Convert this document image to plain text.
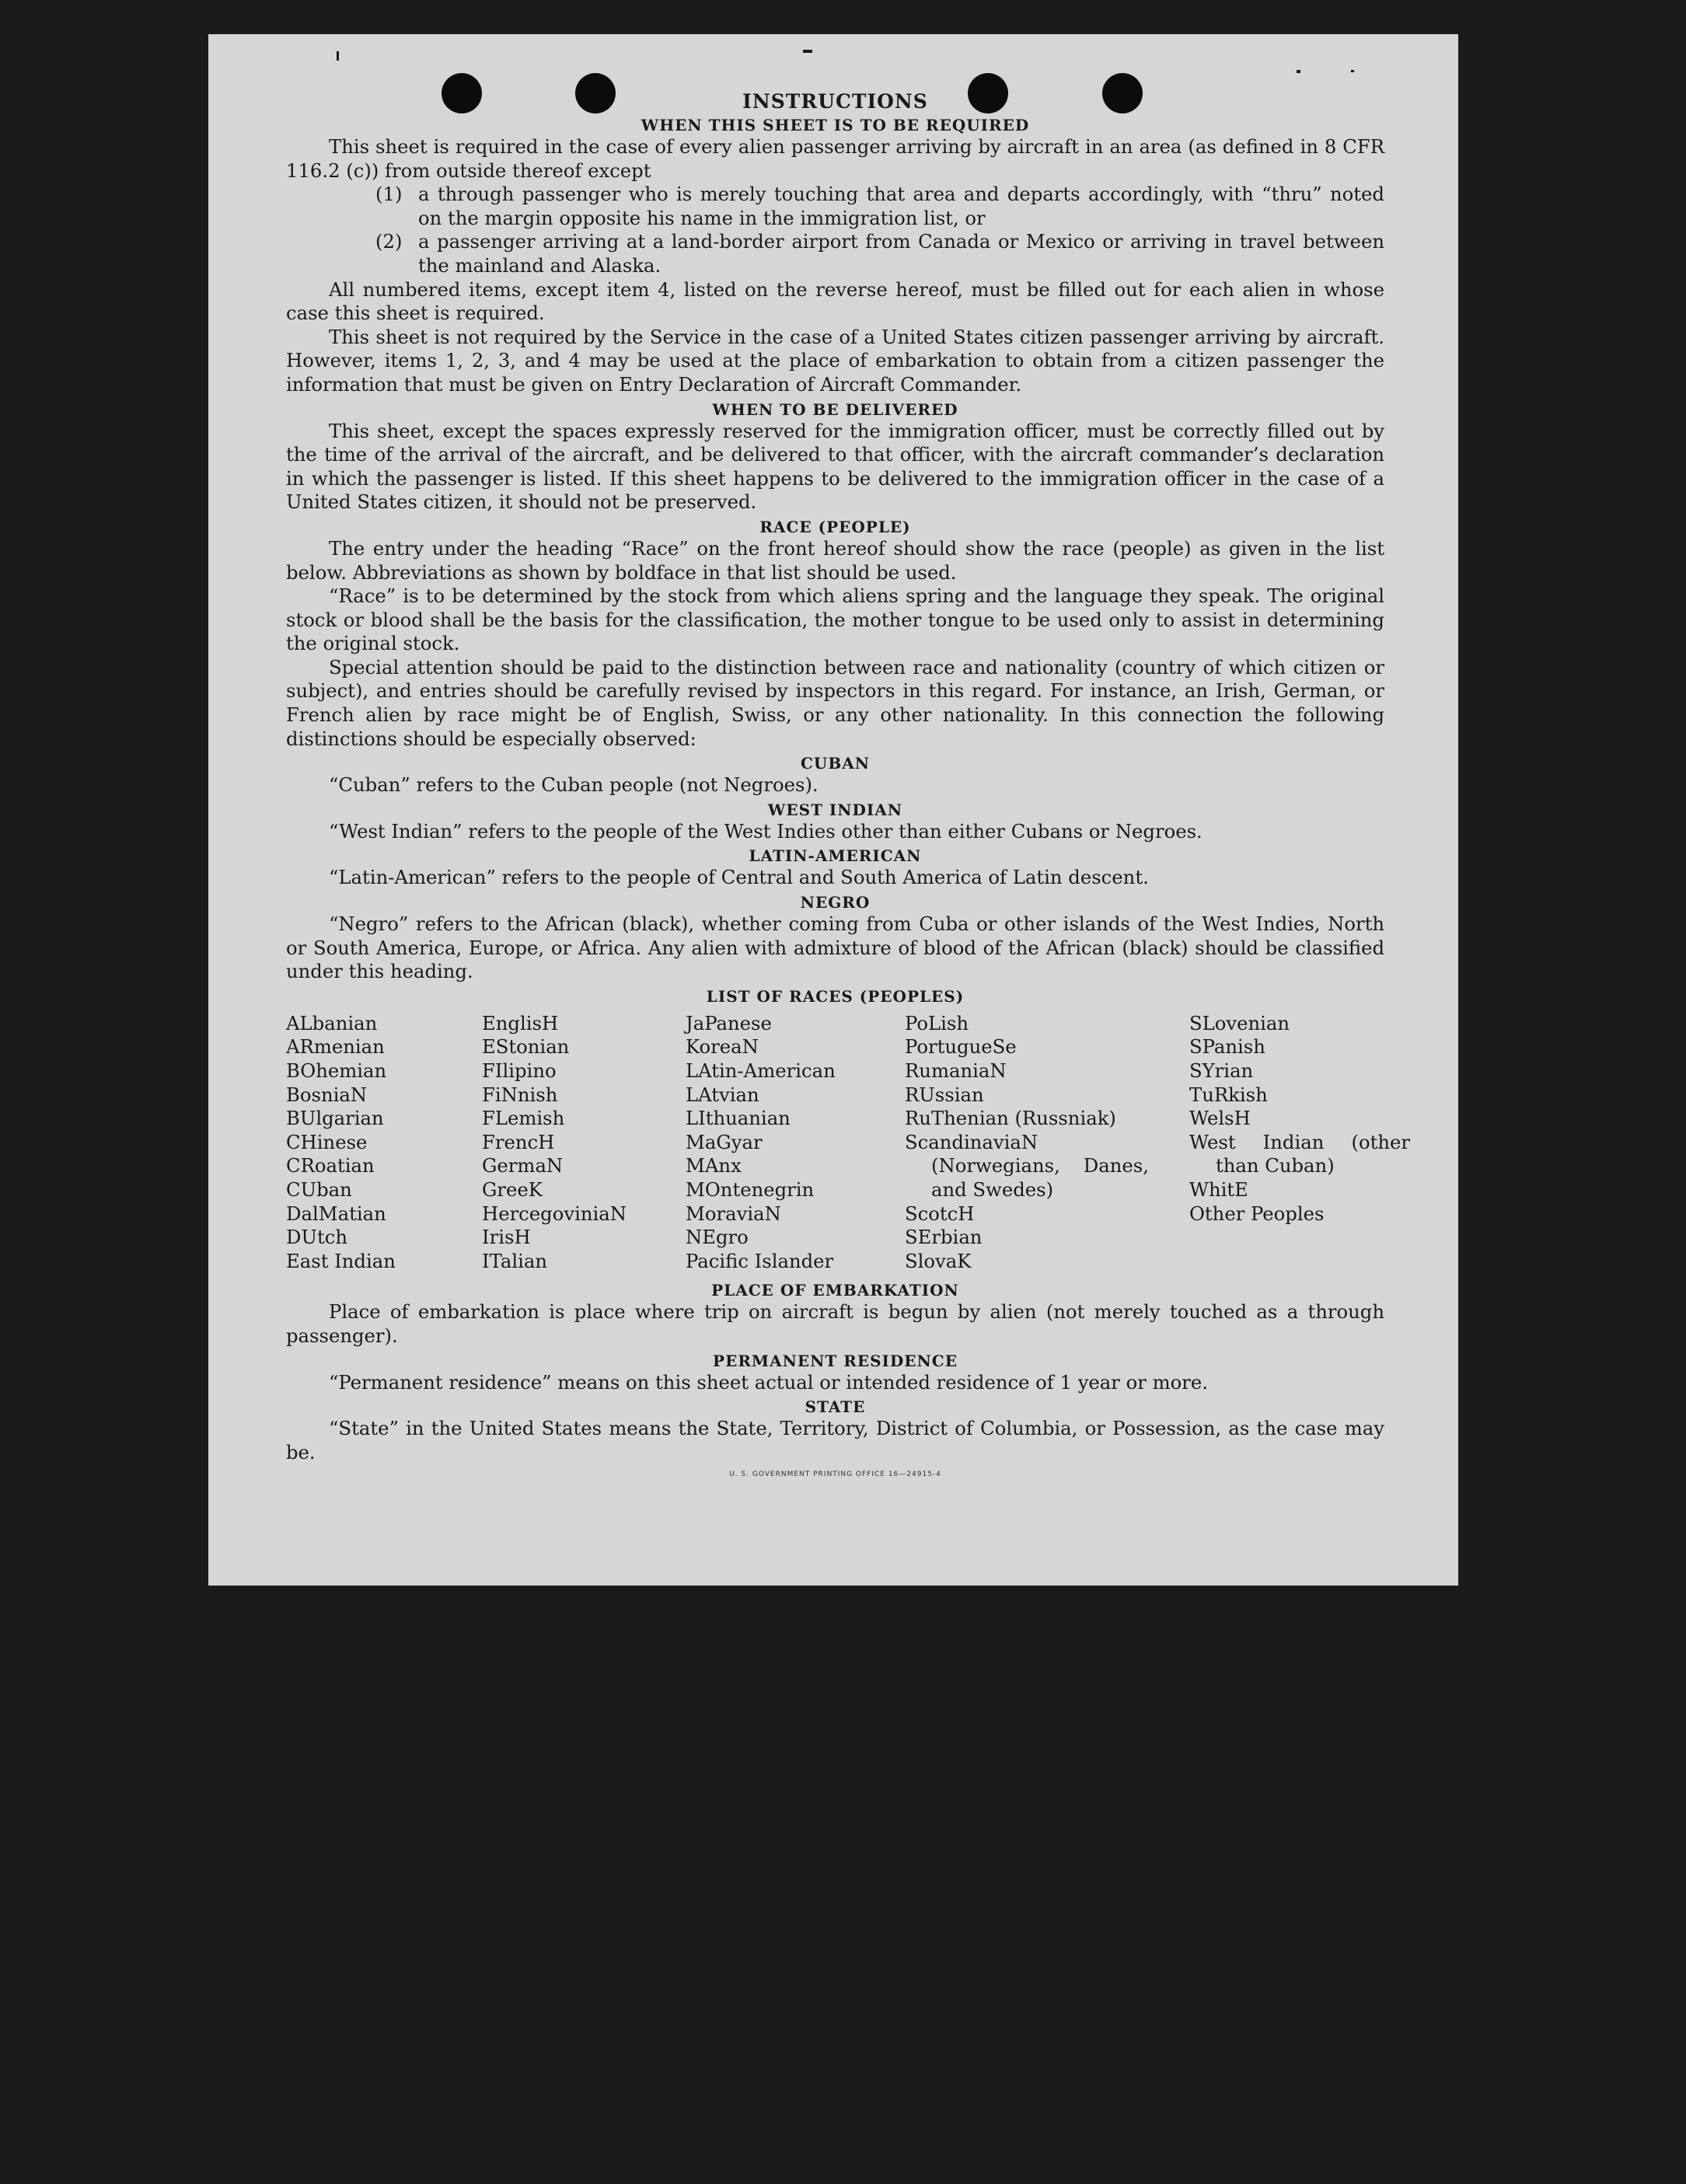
INSTRUCTIONS
WHEN THIS SHEET IS TO BE REQUIRED

This sheet is required in the case of every alien passenger arriving by aircraft in an area (as defined in 8 CFR 116.2 (c)) from outside thereof except

(1) a through passenger who is merely touching that area and departs accordingly, with “thru” noted on the margin opposite his name in the immigration list, or
(2) a passenger arriving at a land-border airport from Canada or Mexico or arriving in travel between the mainland and Alaska.

All numbered items, except item 4, listed on the reverse hereof, must be filled out for each alien in whose case this sheet is required.

This sheet is not required by the Service in the case of a United States citizen passenger arriving by aircraft. However, items 1, 2, 3, and 4 may be used at the place of embarkation to obtain from a citizen passenger the information that must be given on Entry Declaration of Aircraft Commander.

WHEN TO BE DELIVERED

This sheet, except the spaces expressly reserved for the immigration officer, must be correctly filled out by the time of the arrival of the aircraft, and be delivered to that officer, with the aircraft commander’s declaration in which the passenger is listed. If this sheet happens to be delivered to the immigration officer in the case of a United States citizen, it should not be preserved.

RACE (PEOPLE)

The entry under the heading “Race” on the front hereof should show the race (people) as given in the list below. Abbreviations as shown by boldface in that list should be used.

“Race” is to be determined by the stock from which aliens spring and the language they speak. The original stock or blood shall be the basis for the classification, the mother tongue to be used only to assist in determining the original stock.

Special attention should be paid to the distinction between race and nationality (country of which citizen or subject), and entries should be carefully revised by inspectors in this regard. For instance, an Irish, German, or French alien by race might be of English, Swiss, or any other nationality. In this connection the following distinctions should be especially observed:

CUBAN

“Cuban” refers to the Cuban people (not Negroes).

WEST INDIAN

“West Indian” refers to the people of the West Indies other than either Cubans or Negroes.

LATIN-AMERICAN

“Latin-American” refers to the people of Central and South America of Latin descent.

NEGRO

“Negro” refers to the African (black), whether coming from Cuba or other islands of the West Indies, North or South America, Europe, or Africa. Any alien with admixture of blood of the African (black) should be classified under this heading.

LIST OF RACES (PEOPLES)
ALbanian
ARmenian
BOhemian
BosniaN
BUlgarian
CHinese
CRoatian
CUban
DalMatian
DUtch
East Indian
EnglisH
EStonian
FIlipino
FiNnish
FLemish
FrencH
GermaN
GreeK
HercegoviniaN
IrisH
ITalian
JaPanese
KoreaN
LAtin-American
LAtvian
LIthuanian
MaGyar
MAnx
MOntenegrin
MoraviaN
NEgro
Pacific Islander
PoLish
PortugueSe
RumaniaN
RUssian
RuThenian (Russniak)
ScandinaviaN (Norwegians, Danes, and Swedes)
ScotcH
SErbian
SlovaK
SLovenian
SPanish
SYrian
TuRkish
WelsH
West Indian (other than Cuban)
WhitE
Other Peoples
PLACE OF EMBARKATION

Place of embarkation is place where trip on aircraft is begun by alien (not merely touched as a through passenger).

PERMANENT RESIDENCE

“Permanent residence” means on this sheet actual or intended residence of 1 year or more.

STATE

“State” in the United States means the State, Territory, District of Columbia, or Possession, as the case may be.

U. S. GOVERNMENT PRINTING OFFICE 16—24915-4
